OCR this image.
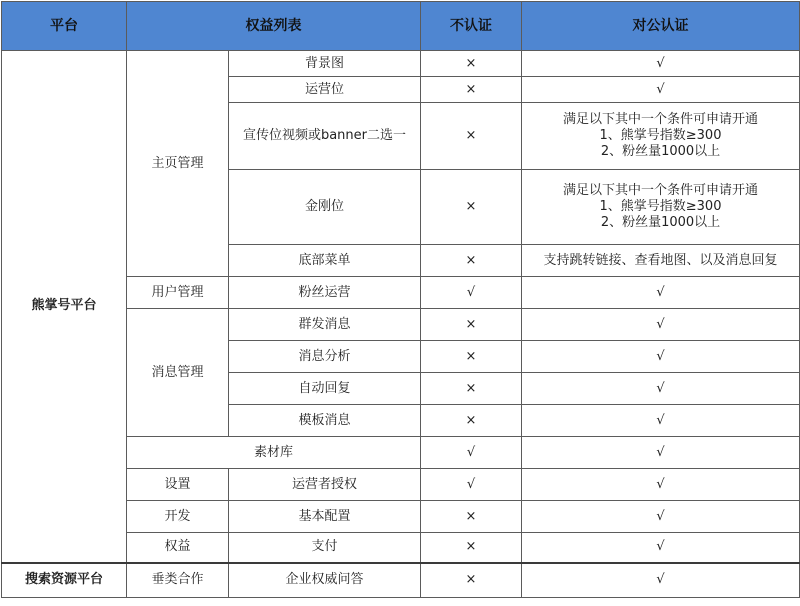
平台	权益列表		不认证	对公认证
熊掌号平台	主页管理	背景图	×	√
		运营位	×	√
		宣传位视频或banner二选一	×	满足以下其中一个条件可申请开通
1、熊掌号指数≥300
2、粉丝量1000以上

		金刚位	×	满足以下其中一个条件可申请开通
1、熊掌号指数≥300
2、粉丝量1000以上

		底部菜单	×	支持跳转链接、查看地图、以及消息回复
	用户管理	粉丝运营	√	√
	消息管理	群发消息	×	√
		消息分析	×	√
		自动回复	×	√
		模板消息	×	√
	素材库		√	√
	设置	运营者授权	√	√
	开发	基本配置	×	√
	权益	支付	×	√
搜索资源平台	垂类合作	企业权威问答	×	√
